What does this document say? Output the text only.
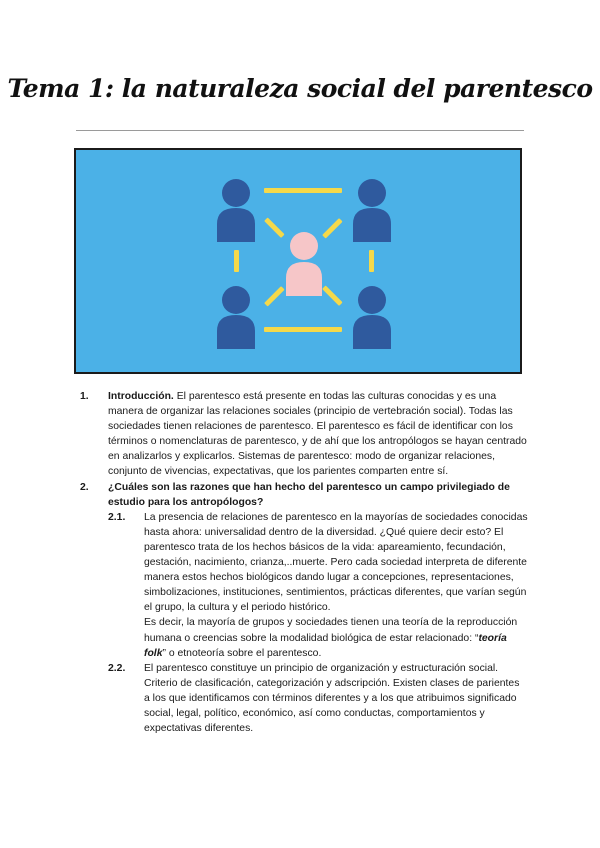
Tema 1: la naturaleza social del parentesco
1. Introducción. El parentesco está presente en todas las culturas conocidas y es una manera de organizar las relaciones sociales (principio de vertebración social). Todas las sociedades tienen relaciones de parentesco. El parentesco es fácil de identificar con los términos o nomenclaturas de parentesco, y de ahí que los antropólogos se hayan centrado en analizarlos y explicarlos. Sistemas de parentesco: modo de organizar relaciones, conjunto de vivencias, expectativas, que los parientes comparten entre sí.

2. ¿Cuáles son las razones que han hecho del parentesco un campo privilegiado de estudio para los antropólogos?

2.1. La presencia de relaciones de parentesco en la mayorías de sociedades conocidas hasta ahora: universalidad dentro de la diversidad. ¿Qué quiere decir esto? El parentesco trata de los hechos básicos de la vida: apareamiento, fecundación, gestación, nacimiento, crianza,..muerte. Pero cada sociedad interpreta de diferente manera estos hechos biológicos dando lugar a concepciones, representaciones, simbolizaciones, instituciones, sentimientos, prácticas diferentes, que varían según el grupo, la cultura y el periodo histórico.

Es decir, la mayoría de grupos y sociedades tienen una teoría de la reproducción humana o creencias sobre la modalidad biológica de estar relacionado: “teoría folk” o etnoteoría sobre el parentesco.

2.2. El parentesco constituye un principio de organización y estructuración social. Criterio de clasificación, categorización y adscripción. Existen clases de parientes a los que identificamos con términos diferentes y a los que atribuimos significado social, legal, político, económico, así como conductas, comportamientos y expectativas diferentes.
